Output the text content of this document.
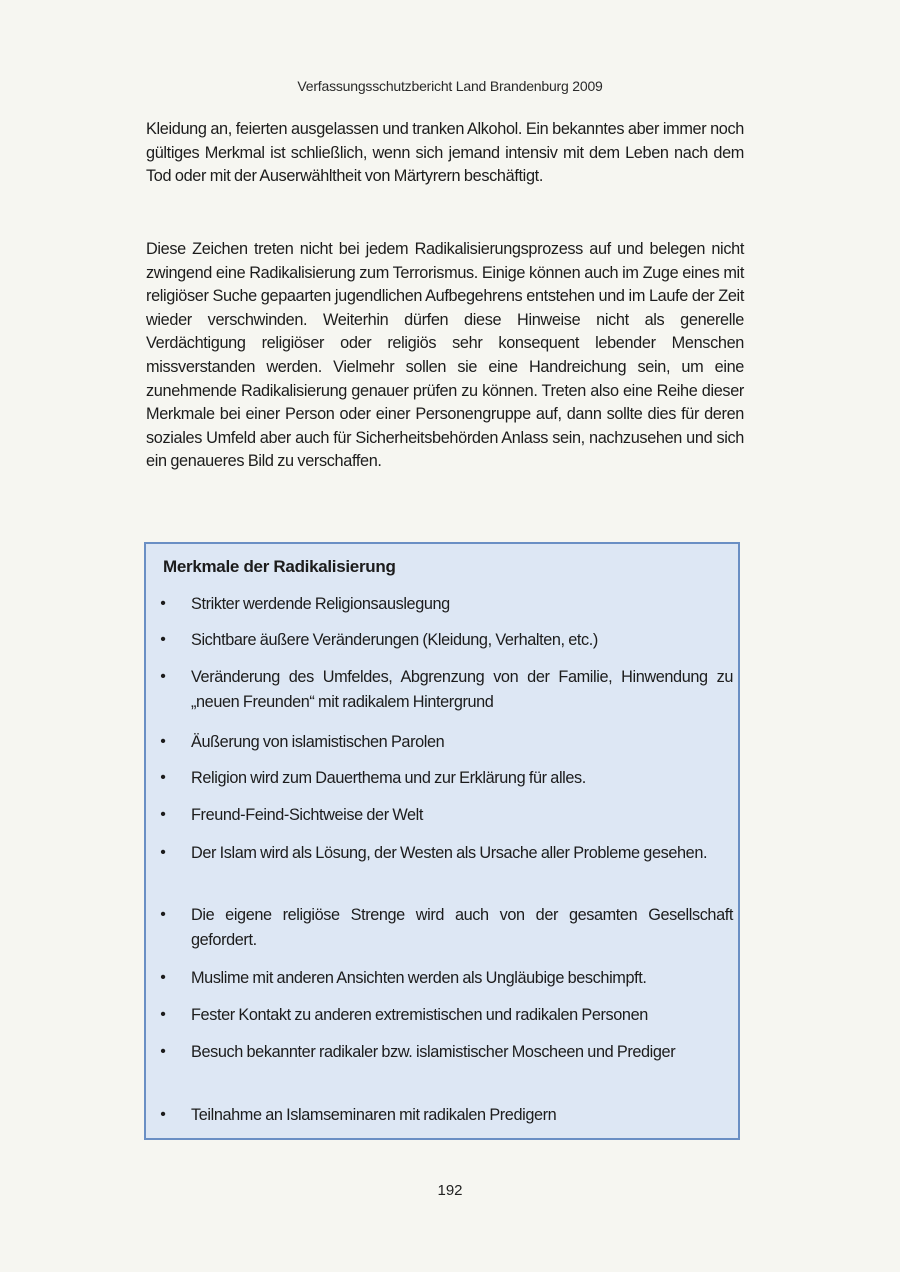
Verfassungsschutzbericht Land Brandenburg 2009

Kleidung an, feierten ausgelassen und tranken Alkohol. Ein bekanntes aber immer noch gültiges Merkmal ist schließlich, wenn sich jemand intensiv mit dem Leben nach dem Tod oder mit der Auserwähltheit von Märtyrern beschäftigt.

Diese Zeichen treten nicht bei jedem Radikalisierungsprozess auf und belegen nicht zwingend eine Radikalisierung zum Terrorismus. Einige können auch im Zuge eines mit religiöser Suche gepaarten jugendlichen Aufbegehrens entstehen und im Laufe der Zeit wieder verschwinden. Weiterhin dürfen diese Hinweise nicht als generelle Verdächtigung religiöser oder religiös sehr konsequent lebender Menschen missverstanden werden. Vielmehr sollen sie eine Handreichung sein, um eine zunehmende Radikalisierung genauer prüfen zu können. Treten also eine Reihe dieser Merkmale bei einer Person oder einer Personengruppe auf, dann sollte dies für deren soziales Umfeld aber auch für Sicherheitsbehörden Anlass sein, nachzusehen und sich ein genaueres Bild zu verschaffen.

Merkmale der Radikalisierung
• Strikter werdende Religionsauslegung
• Sichtbare äußere Veränderungen (Kleidung, Verhalten, etc.)
• Veränderung des Umfeldes, Abgrenzung von der Familie, Hinwendung zu „neuen Freunden“ mit radikalem Hintergrund
• Äußerung von islamistischen Parolen
• Religion wird zum Dauerthema und zur Erklärung für alles.
• Freund-Feind-Sichtweise der Welt
• Der Islam wird als Lösung, der Westen als Ursache aller Probleme gesehen.
• Die eigene religiöse Strenge wird auch von der gesamten Gesellschaft gefordert.
• Muslime mit anderen Ansichten werden als Ungläubige beschimpft.
• Fester Kontakt zu anderen extremistischen und radikalen Personen
• Besuch bekannter radikaler bzw. islamistischer Moscheen und Prediger
• Teilnahme an Islamseminaren mit radikalen Predigern
192
